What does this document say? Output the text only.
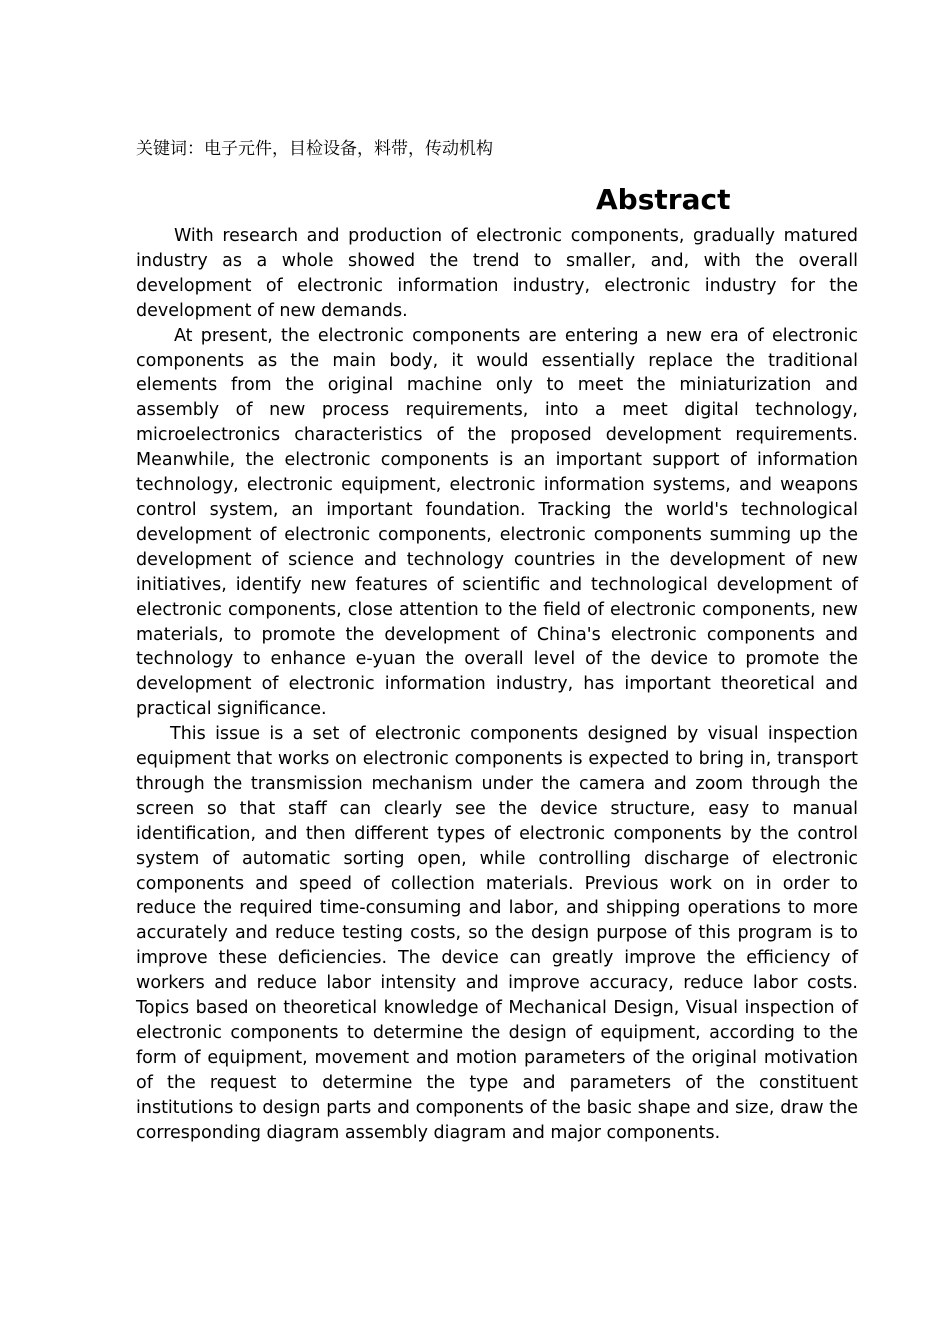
关键词：电子元件，目检设备，料带，传动机构

Abstract

With research and production of electronic components, gradually matured industry as a whole showed the trend to smaller, and, with the overall development of electronic information industry, electronic industry for the development of new demands.

At present, the electronic components are entering a new era of electronic components as the main body, it would essentially replace the traditional elements from the original machine only to meet the miniaturization and assembly of new process requirements, into a meet digital technology, microelectronics characteristics of the proposed development requirements. Meanwhile, the electronic components is an important support of information technology, electronic equipment, electronic information systems, and weapons control system, an important foundation. Tracking the world's technological development of electronic components, electronic components summing up the development of science and technology countries in the development of new initiatives, identify new features of scientific and technological development of electronic components, close attention to the field of electronic components, new materials, to promote the development of China's electronic components and technology to enhance e-yuan the overall level of the device to promote the development of electronic information industry, has important theoretical and practical significance.

This issue is a set of electronic components designed by visual inspection equipment that works on electronic components is expected to bring in, transport through the transmission mechanism under the camera and zoom through the screen so that staff can clearly see the device structure, easy to manual identification, and then different types of electronic components by the control system of automatic sorting open, while controlling discharge of electronic components and speed of collection materials. Previous work on in order to reduce the required time-consuming and labor, and shipping operations to more accurately and reduce testing costs, so the design purpose of this program is to improve these deficiencies. The device can greatly improve the efficiency of workers and reduce labor intensity and improve accuracy, reduce labor costs. Topics based on theoretical knowledge of Mechanical Design, Visual inspection of electronic components to determine the design of equipment, according to the form of equipment, movement and motion parameters of the original motivation of the request to determine the type and parameters of the constituent institutions to design parts and components of the basic shape and size, draw the corresponding diagram assembly diagram and major components.
